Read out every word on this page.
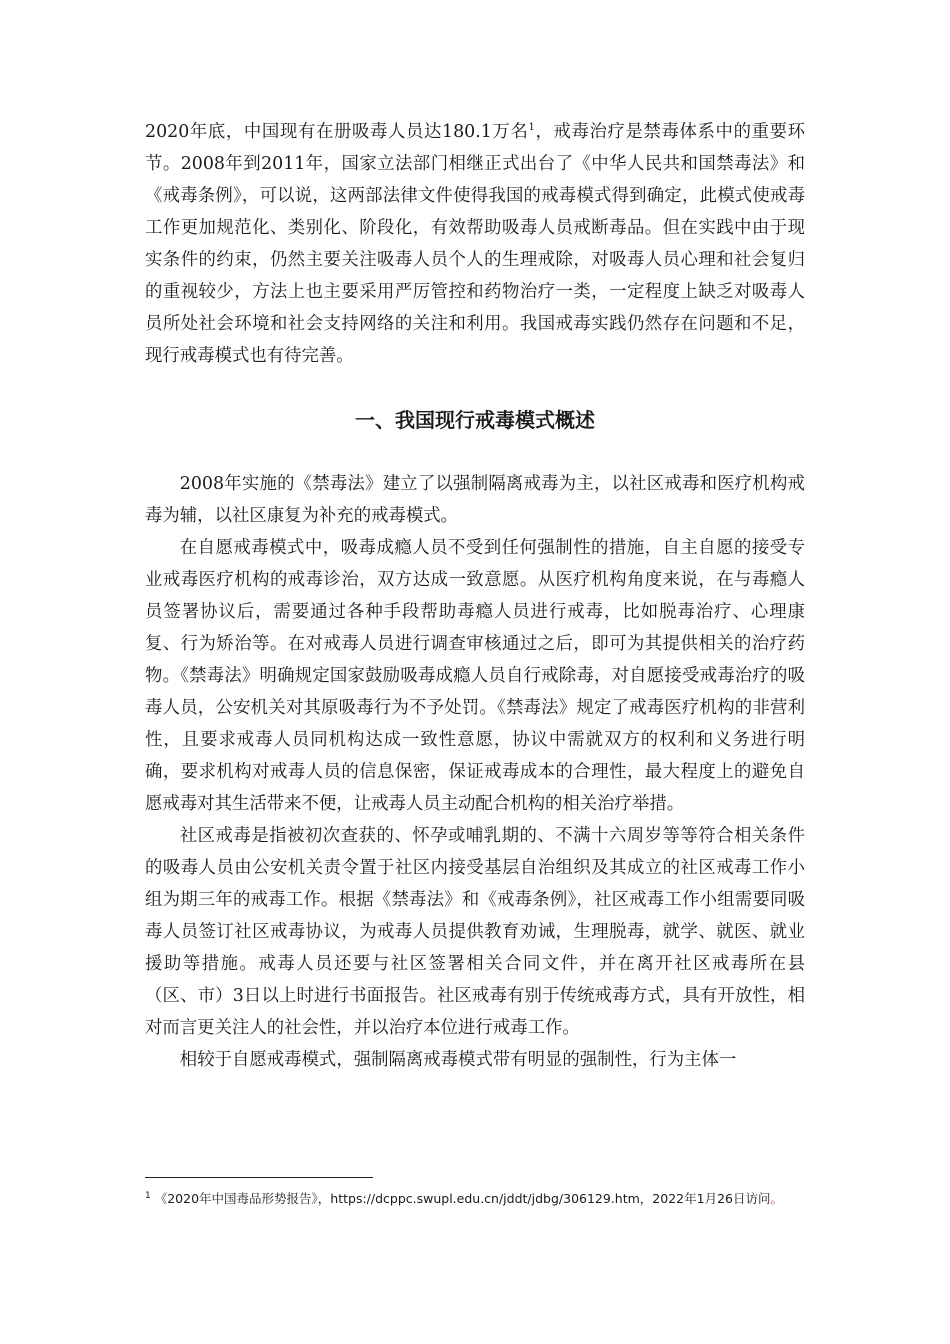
2020年底，中国现有在册吸毒人员达180.1万名$^1$，戒毒治疗是禁毒体系中的重要环节。2008年到2011年，国家立法部门相继正式出台了《中华人民共和国禁毒法》和《戒毒条例》，可以说，这两部法律文件使得我国的戒毒模式得到确定，此模式使戒毒工作更加规范化、类别化、阶段化，有效帮助吸毒人员戒断毒品。但在实践中由于现实条件的约束，仍然主要关注吸毒人员个人的生理戒除，对吸毒人员心理和社会复归的重视较少，方法上也主要采用严厉管控和药物治疗一类，一定程度上缺乏对吸毒人员所处社会环境和社会支持网络的关注和利用。我国戒毒实践仍然存在问题和不足，现行戒毒模式也有待完善。

一、我国现行戒毒模式概述

2008年实施的《禁毒法》建立了以强制隔离戒毒为主，以社区戒毒和医疗机构戒毒为辅，以社区康复为补充的戒毒模式。

在自愿戒毒模式中，吸毒成瘾人员不受到任何强制性的措施，自主自愿的接受专业戒毒医疗机构的戒毒诊治，双方达成一致意愿。从医疗机构角度来说，在与毒瘾人员签署协议后，需要通过各种手段帮助毒瘾人员进行戒毒，比如脱毒治疗、心理康复、行为矫治等。在对戒毒人员进行调查审核通过之后，即可为其提供相关的治疗药物。《禁毒法》明确规定国家鼓励吸毒成瘾人员自行戒除毒，对自愿接受戒毒治疗的吸毒人员，公安机关对其原吸毒行为不予处罚。《禁毒法》规定了戒毒医疗机构的非营利性，且要求戒毒人员同机构达成一致性意愿，协议中需就双方的权利和义务进行明确，要求机构对戒毒人员的信息保密，保证戒毒成本的合理性，最大程度上的避免自愿戒毒对其生活带来不便，让戒毒人员主动配合机构的相关治疗举措。

社区戒毒是指被初次查获的、怀孕或哺乳期的、不满十六周岁等等符合相关条件的吸毒人员由公安机关责令置于社区内接受基层自治组织及其成立的社区戒毒工作小组为期三年的戒毒工作。根据《禁毒法》和《戒毒条例》，社区戒毒工作小组需要同吸毒人员签订社区戒毒协议，为戒毒人员提供教育劝诫，生理脱毒，就学、就医、就业援助等措施。戒毒人员还要与社区签署相关合同文件，并在离开社区戒毒所在县（区、市）3日以上时进行书面报告。社区戒毒有别于传统戒毒方式，具有开放性，相对而言更关注人的社会性，并以治疗本位进行戒毒工作。

相较于自愿戒毒模式，强制隔离戒毒模式带有明显的强制性，行为主体一

$^1$ 《2020年中国毒品形势报告》，https://dcppc.swupl.edu.cn/jddt/jdbg/306129.htm，2022年1月26日访问。
